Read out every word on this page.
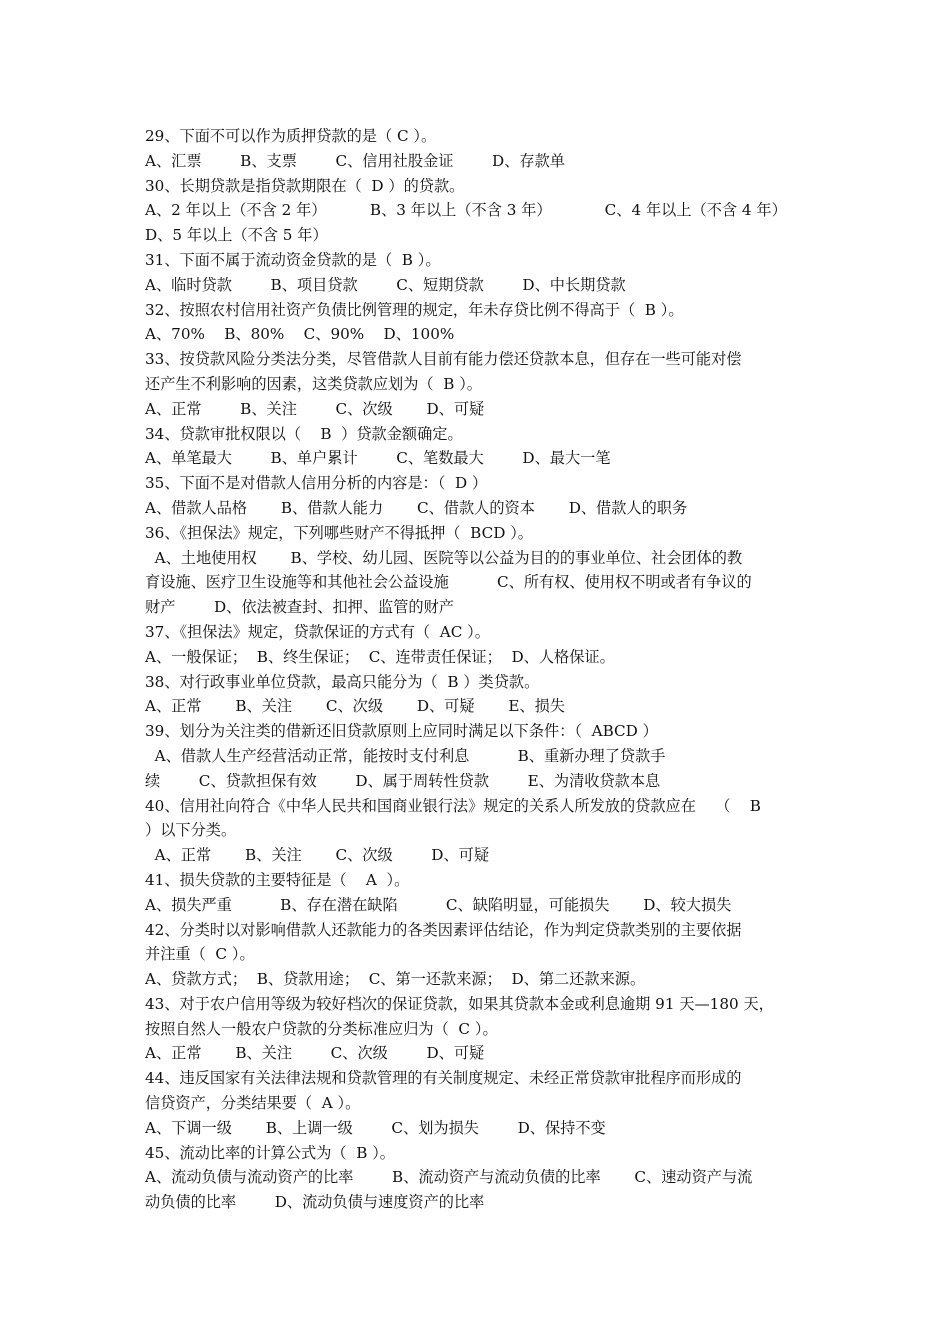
29、下面不可以作为质押贷款的是（ C ）。
A、汇票        B、支票        C、信用社股金证        D、存款单
30、长期贷款是指贷款期限在（  D ）的贷款。
A、2 年以上（不含 2 年）         B、3 年以上（不含 3 年）           C、4 年以上（不含 4 年）
D、5 年以上（不含 5 年）
31、下面不属于流动资金贷款的是（  B ）。
A、临时贷款        B、项目贷款        C、短期贷款        D、中长期贷款
32、按照农村信用社资产负债比例管理的规定，年未存贷比例不得高于（  B ）。
A、70%    B、80%    C、90%    D、100%
33、按贷款风险分类法分类，尽管借款人目前有能力偿还贷款本息，但存在一些可能对偿
还产生不利影响的因素，这类贷款应划为（  B ）。
A、正常        B、关注        C、次级       D、可疑
34、贷款审批权限以（    B  ）贷款金额确定。
A、单笔最大        B、单户累计        C、笔数最大        D、最大一笔
35、下面不是对借款人信用分析的内容是：（  D ）
A、借款人品格       B、借款人能力       C、借款人的资本       D、借款人的职务
36、《担保法》规定，下列哪些财产不得抵押（  BCD ）。
A、土地使用权       B、学校、幼儿园、医院等以公益为目的的事业单位、社会团体的教
育设施、医疗卫生设施等和其他社会公益设施          C、所有权、使用权不明或者有争议的
财产        D、依法被查封、扣押、监管的财产
37、《担保法》规定，贷款保证的方式有（  AC ）。
A、一般保证；  B、终生保证；  C、连带责任保证；  D、人格保证。
38、对行政事业单位贷款，最高只能分为（  B ）类贷款。
A、正常       B、关注       C、次级       D、可疑       E、损失
39、划分为关注类的借新还旧贷款原则上应同时满足以下条件：（  ABCD ）
A、借款人生产经营活动正常，能按时支付利息          B、重新办理了贷款手
续        C、贷款担保有效        D、属于周转性贷款        E、为清收贷款本息
40、信用社向符合《中华人民共和国商业银行法》规定的关系人所发放的贷款应在    （    B
）以下分类。
A、正常       B、关注       C、次级        D、可疑
41、损失贷款的主要特征是（    A  ）。
A、损失严重          B、存在潜在缺陷          C、缺陷明显，可能损失       D、较大损失
42、分类时以对影响借款人还款能力的各类因素评估结论，作为判定贷款类别的主要依据
并注重（  C ）。
A、贷款方式；  B、贷款用途；  C、第一还款来源；  D、第二还款来源。
43、对于农户信用等级为较好档次的保证贷款，如果其贷款本金或利息逾期 91 天—180 天，
按照自然人一般农户贷款的分类标准应归为（  C ）。
A、正常       B、关注        C、次级        D、可疑
44、违反国家有关法律法规和贷款管理的有关制度规定、未经正常贷款审批程序而形成的
信贷资产，分类结果要（  A ）。
A、下调一级       B、上调一级        C、划为损失        D、保持不变
45、流动比率的计算公式为（  B ）。
A、流动负债与流动资产的比率        B、流动资产与流动负债的比率       C、速动资产与流
动负债的比率        D、流动负债与速度资产的比率
